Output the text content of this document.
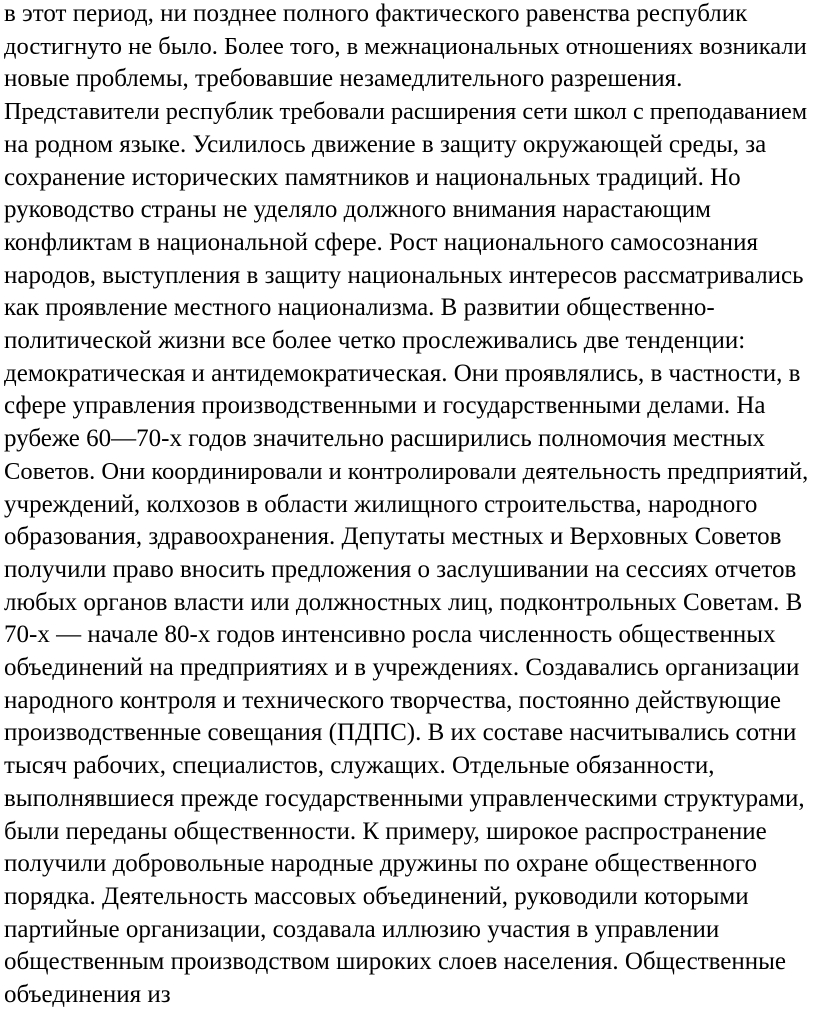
в этот период, ни позднее полного фактического равенства республик
достигнуто не было. Более того, в межнациональных отношениях возникали
новые проблемы, требовавшие незамедлительного разрешения.
Представители республик требовали расширения сети школ с преподаванием
на родном языке. Усилилось движение в защиту окружающей среды, за
сохранение исторических памятников и национальных традиций. Но
руководство страны не уделяло должного внимания нарастающим
конфликтам в национальной сфере. Рост национального самосознания
народов, выступления в защиту национальных интересов рассматривались
как проявление местного национализма. В развитии общественно-
политической жизни все более четко прослеживались две тенденции:
демократическая и антидемократическая. Они проявлялись, в частности, в
сфере управления производственными и государственными делами. На
рубеже 60—70-х годов значительно расширились полномочия местных
Советов. Они координировали и контролировали деятельность предприятий,
учреждений, колхозов в области жилищного строительства, народного
образования, здравоохранения. Депутаты местных и Верховных Советов
получили право вносить предложения о заслушивании на сессиях отчетов
любых органов власти или должностных лиц, подконтрольных Советам. В
70-х — начале 80-х годов интенсивно росла численность общественных
объединений на предприятиях и в учреждениях. Создавались организации
народного контроля и технического творчества, постоянно действующие
производственные совещания (ПДПС). В их составе насчитывались сотни
тысяч рабочих, специалистов, служащих. Отдельные обязанности,
выполнявшиеся прежде государственными управленческими структурами,
были переданы общественности. К примеру, широкое распространение
получили добровольные народные дружины по охране общественного
порядка. Деятельность массовых объединений, руководили которыми
партийные организации, создавала иллюзию участия в управлении
общественным производством широких слоев населения. Общественные
объединения из
